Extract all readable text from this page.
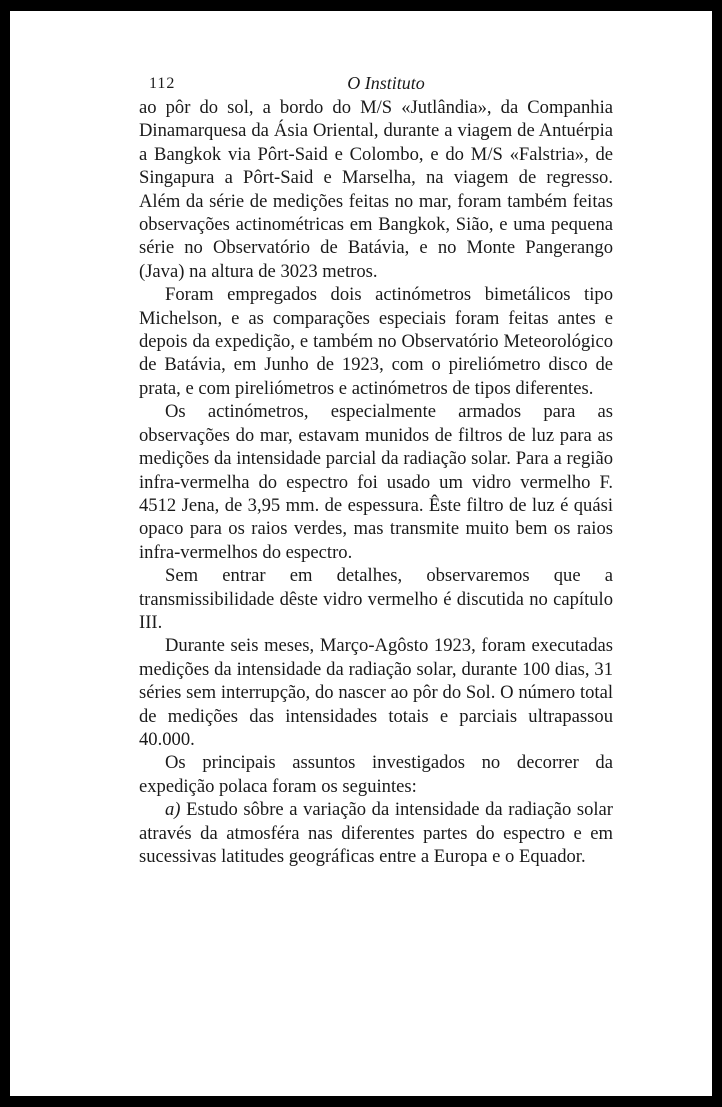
112	O Instituto

ao pôr do sol, a bordo do M/S «Jutlândia», da Companhia Dinamarquesa da Ásia Oriental, durante a viagem de Antuérpia a Bangkok via Pôrt-Said e Colombo, e do M/S «Falstria», de Singapura a Pôrt-Said e Marselha, na viagem de regresso. Além da série de medições feitas no mar, foram também feitas observações actinométricas em Bangkok, Sião, e uma pequena série no Observatório de Batávia, e no Monte Pangerango (Java) na altura de 3023 metros.

Foram empregados dois actinómetros bimetálicos tipo Michelson, e as comparações especiais foram feitas antes e depois da expedição, e também no Observatório Meteorológico de Batávia, em Junho de 1923, com o pireliómetro disco de prata, e com pireliómetros e actinómetros de tipos diferentes.

Os actinómetros, especialmente armados para as observações do mar, estavam munidos de filtros de luz para as medições da intensidade parcial da radiação solar. Para a região infra-vermelha do espectro foi usado um vidro vermelho F. 4512 Jena, de 3,95 mm. de espessura. Êste filtro de luz é quási opaco para os raios verdes, mas transmite muito bem os raios infra-vermelhos do espectro.

Sem entrar em detalhes, observaremos que a transmissibilidade dêste vidro vermelho é discutida no capítulo III.

Durante seis meses, Março-Agôsto 1923, foram executadas medições da intensidade da radiação solar, durante 100 dias, 31 séries sem interrupção, do nascer ao pôr do Sol. O número total de medições das intensidades totais e parciais ultrapassou 40.000.

Os principais assuntos investigados no decorrer da expedição polaca foram os seguintes:

a) Estudo sôbre a variação da intensidade da radiação solar através da atmosféra nas diferentes partes do espectro e em sucessivas latitudes geográficas entre a Europa e o Equador.
